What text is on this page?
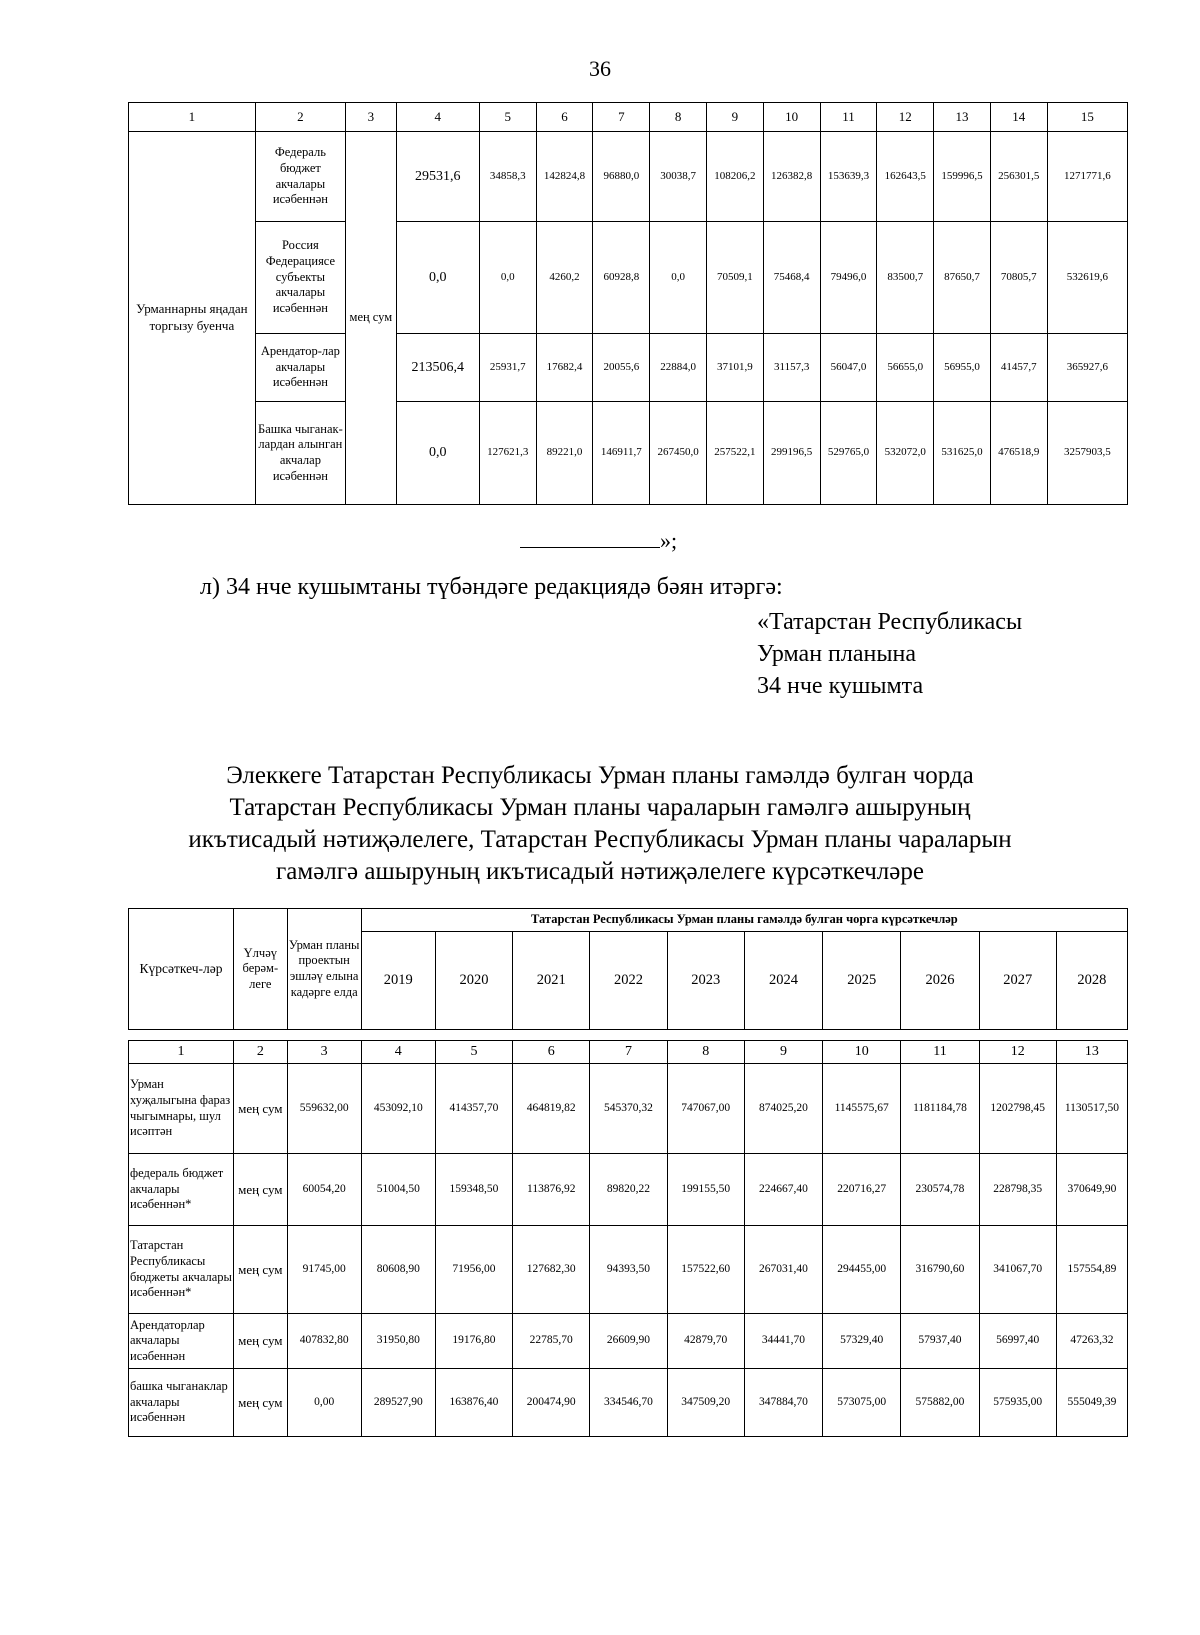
36
1	2	3	4	5	6	7	8	9	10	11	12	13	14	15
Урманнарны яңадан торгызу буенча	Федераль бюджет акчалары исәбеннән	мең сум	29531,6	34858,3	142824,8	96880,0	30038,7	108206,2	126382,8	153639,3	162643,5	159996,5	256301,5	1271771,6
	Россия Федерациясе субъекты акчалары исәбеннән		0,0	0,0	4260,2	60928,8	0,0	70509,1	75468,4	79496,0	83500,7	87650,7	70805,7	532619,6
	Арендатор-лар акчалары исәбеннән		213506,4	25931,7	17682,4	20055,6	22884,0	37101,9	31157,3	56047,0	56655,0	56955,0	41457,7	365927,6
	Башка чыганак-лардан алынган акчалар исәбеннән		0,0	127621,3	89221,0	146911,7	267450,0	257522,1	299196,5	529765,0	532072,0	531625,0	476518,9	3257903,5
»;
л) 34 нче кушымтаны түбәндәге редакциядә бәян итәргә:
«Татарстан Республикасы
Урман планына
34 нче кушымта
Элеккеге Татарстан Республикасы Урман планы гамәлдә булган чорда
Татарстан Республикасы Урман планы чараларын гамәлгә ашыруның
икътисадый нәтиҗәлелеге, Татарстан Республикасы Урман планы чараларын
гамәлгә ашыруның икътисадый нәтиҗәлелеге күрсәткечләре
Күрсәткеч-ләр	Үлчәү берәм-леге	Урман планы проектын эшләү елына кадәрге елда	Татарстан Республикасы Урман планы гамәлдә булган чорга күрсәткечләр									
			2019	2020	2021	2022	2023	2024	2025	2026	2027	2028
1	2	3	4	5	6	7	8	9	10	11	12	13
Урман хуҗалыгына фараз чыгымнары, шул исәптән	мең сум	559632,00	453092,10	414357,70	464819,82	545370,32	747067,00	874025,20	1145575,67	1181184,78	1202798,45	1130517,50
федераль бюджет акчалары исәбеннән*	мең сум	60054,20	51004,50	159348,50	113876,92	89820,22	199155,50	224667,40	220716,27	230574,78	228798,35	370649,90
Татарстан Республикасы бюджеты акчалары исәбеннән*	мең сум	91745,00	80608,90	71956,00	127682,30	94393,50	157522,60	267031,40	294455,00	316790,60	341067,70	157554,89
Арендаторлар акчалары исәбеннән	мең сум	407832,80	31950,80	19176,80	22785,70	26609,90	42879,70	34441,70	57329,40	57937,40	56997,40	47263,32
башка чыганаклар акчалары исәбеннән	мең сум	0,00	289527,90	163876,40	200474,90	334546,70	347509,20	347884,70	573075,00	575882,00	575935,00	555049,39
